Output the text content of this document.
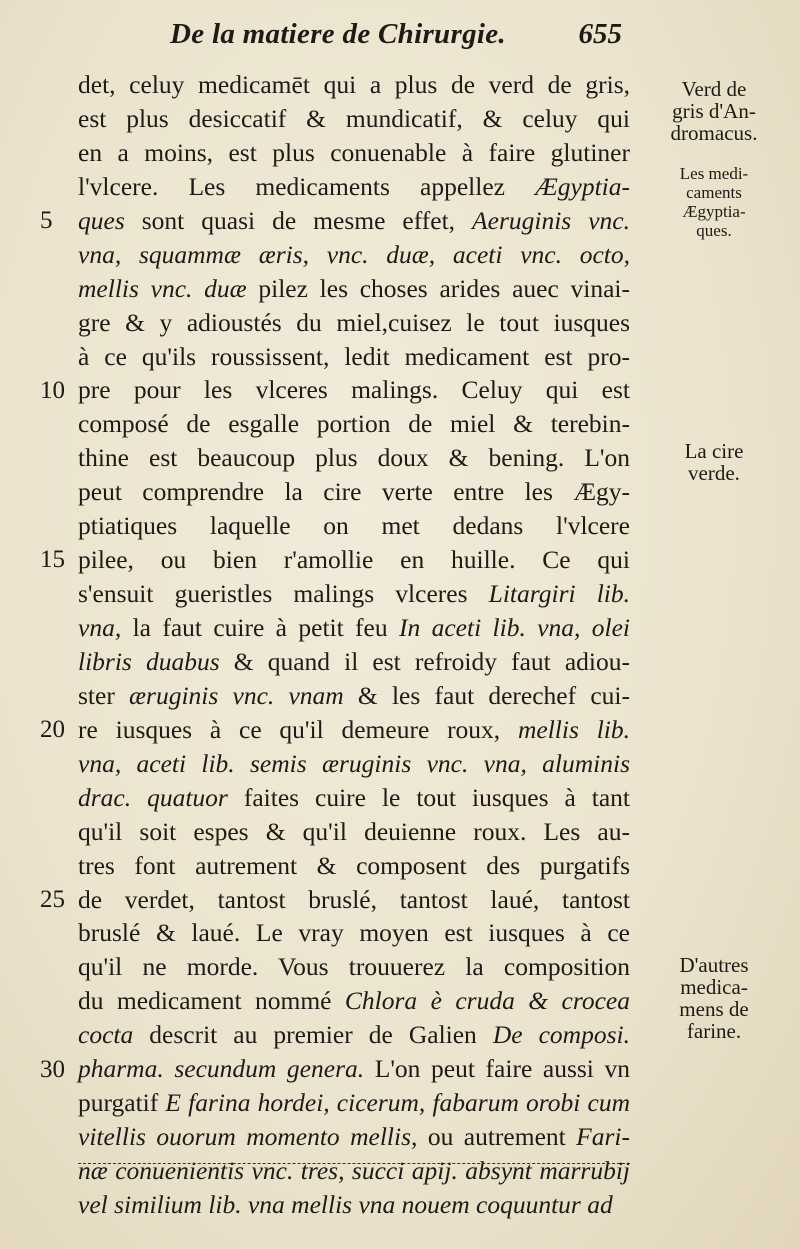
De la matiere de Chirurgie.	655
5
10
15
20
25
30
det, celuy medicamēt qui a plus de verd de gris,
est plus desiccatif & mundicatif, & celuy qui
en a moins, est plus conuenable à faire glutiner
l'vlcere. Les medicaments appellez Ægyptia-
ques sont quasi de mesme effet, Aeruginis vnc.
vna, squammæ æris, vnc. duæ, aceti vnc. octo,
mellis vnc. duæ pilez les choses arides auec vinai-
gre & y adioustés du miel,cuisez le tout iusques
à ce qu'ils roussissent, ledit medicament est pro-
pre pour les vlceres malings. Celuy qui est
composé de esgalle portion de miel & terebin-
thine est beaucoup plus doux & bening. L'on
peut comprendre la cire verte entre les Ægy-
ptiatiques laquelle on met dedans l'vlcere
pilee, ou bien r'amollie en huille. Ce qui
s'ensuit gueristles malings vlceres Litargiri lib.
vna, la faut cuire à petit feu In aceti lib. vna, olei
libris duabus & quand il est refroidy faut adiou-
ster æruginis vnc. vnam & les faut derechef cui-
re iusques à ce qu'il demeure roux, mellis lib.
vna, aceti lib. semis æruginis vnc. vna, aluminis
drac. quatuor faites cuire le tout iusques à tant
qu'il soit espes & qu'il deuienne roux. Les au-
tres font autrement & composent des purgatifs
de verdet, tantost bruslé, tantost laué, tantost
bruslé & laué. Le vray moyen est iusques à ce
qu'il ne morde. Vous trouuerez la composition
du medicament nommé Chlora è cruda & crocea
cocta descrit au premier de Galien De composi.
pharma. secundum genera. L'on peut faire aussi vn
purgatif E farina hordei, cicerum, fabarum orobi cum
vitellis ouorum momento mellis, ou autrement Fari-
næ conuenientis vnc. tres, succi apij. absynt marrubij
vel similium lib. vna mellis vna nouem coquuntur ad
Verd de
gris d'An-
dromacus.
Les medi-
caments
Ægyptia-
ques.
La cire
verde.
D'autres
medica-
mens de
farine.
